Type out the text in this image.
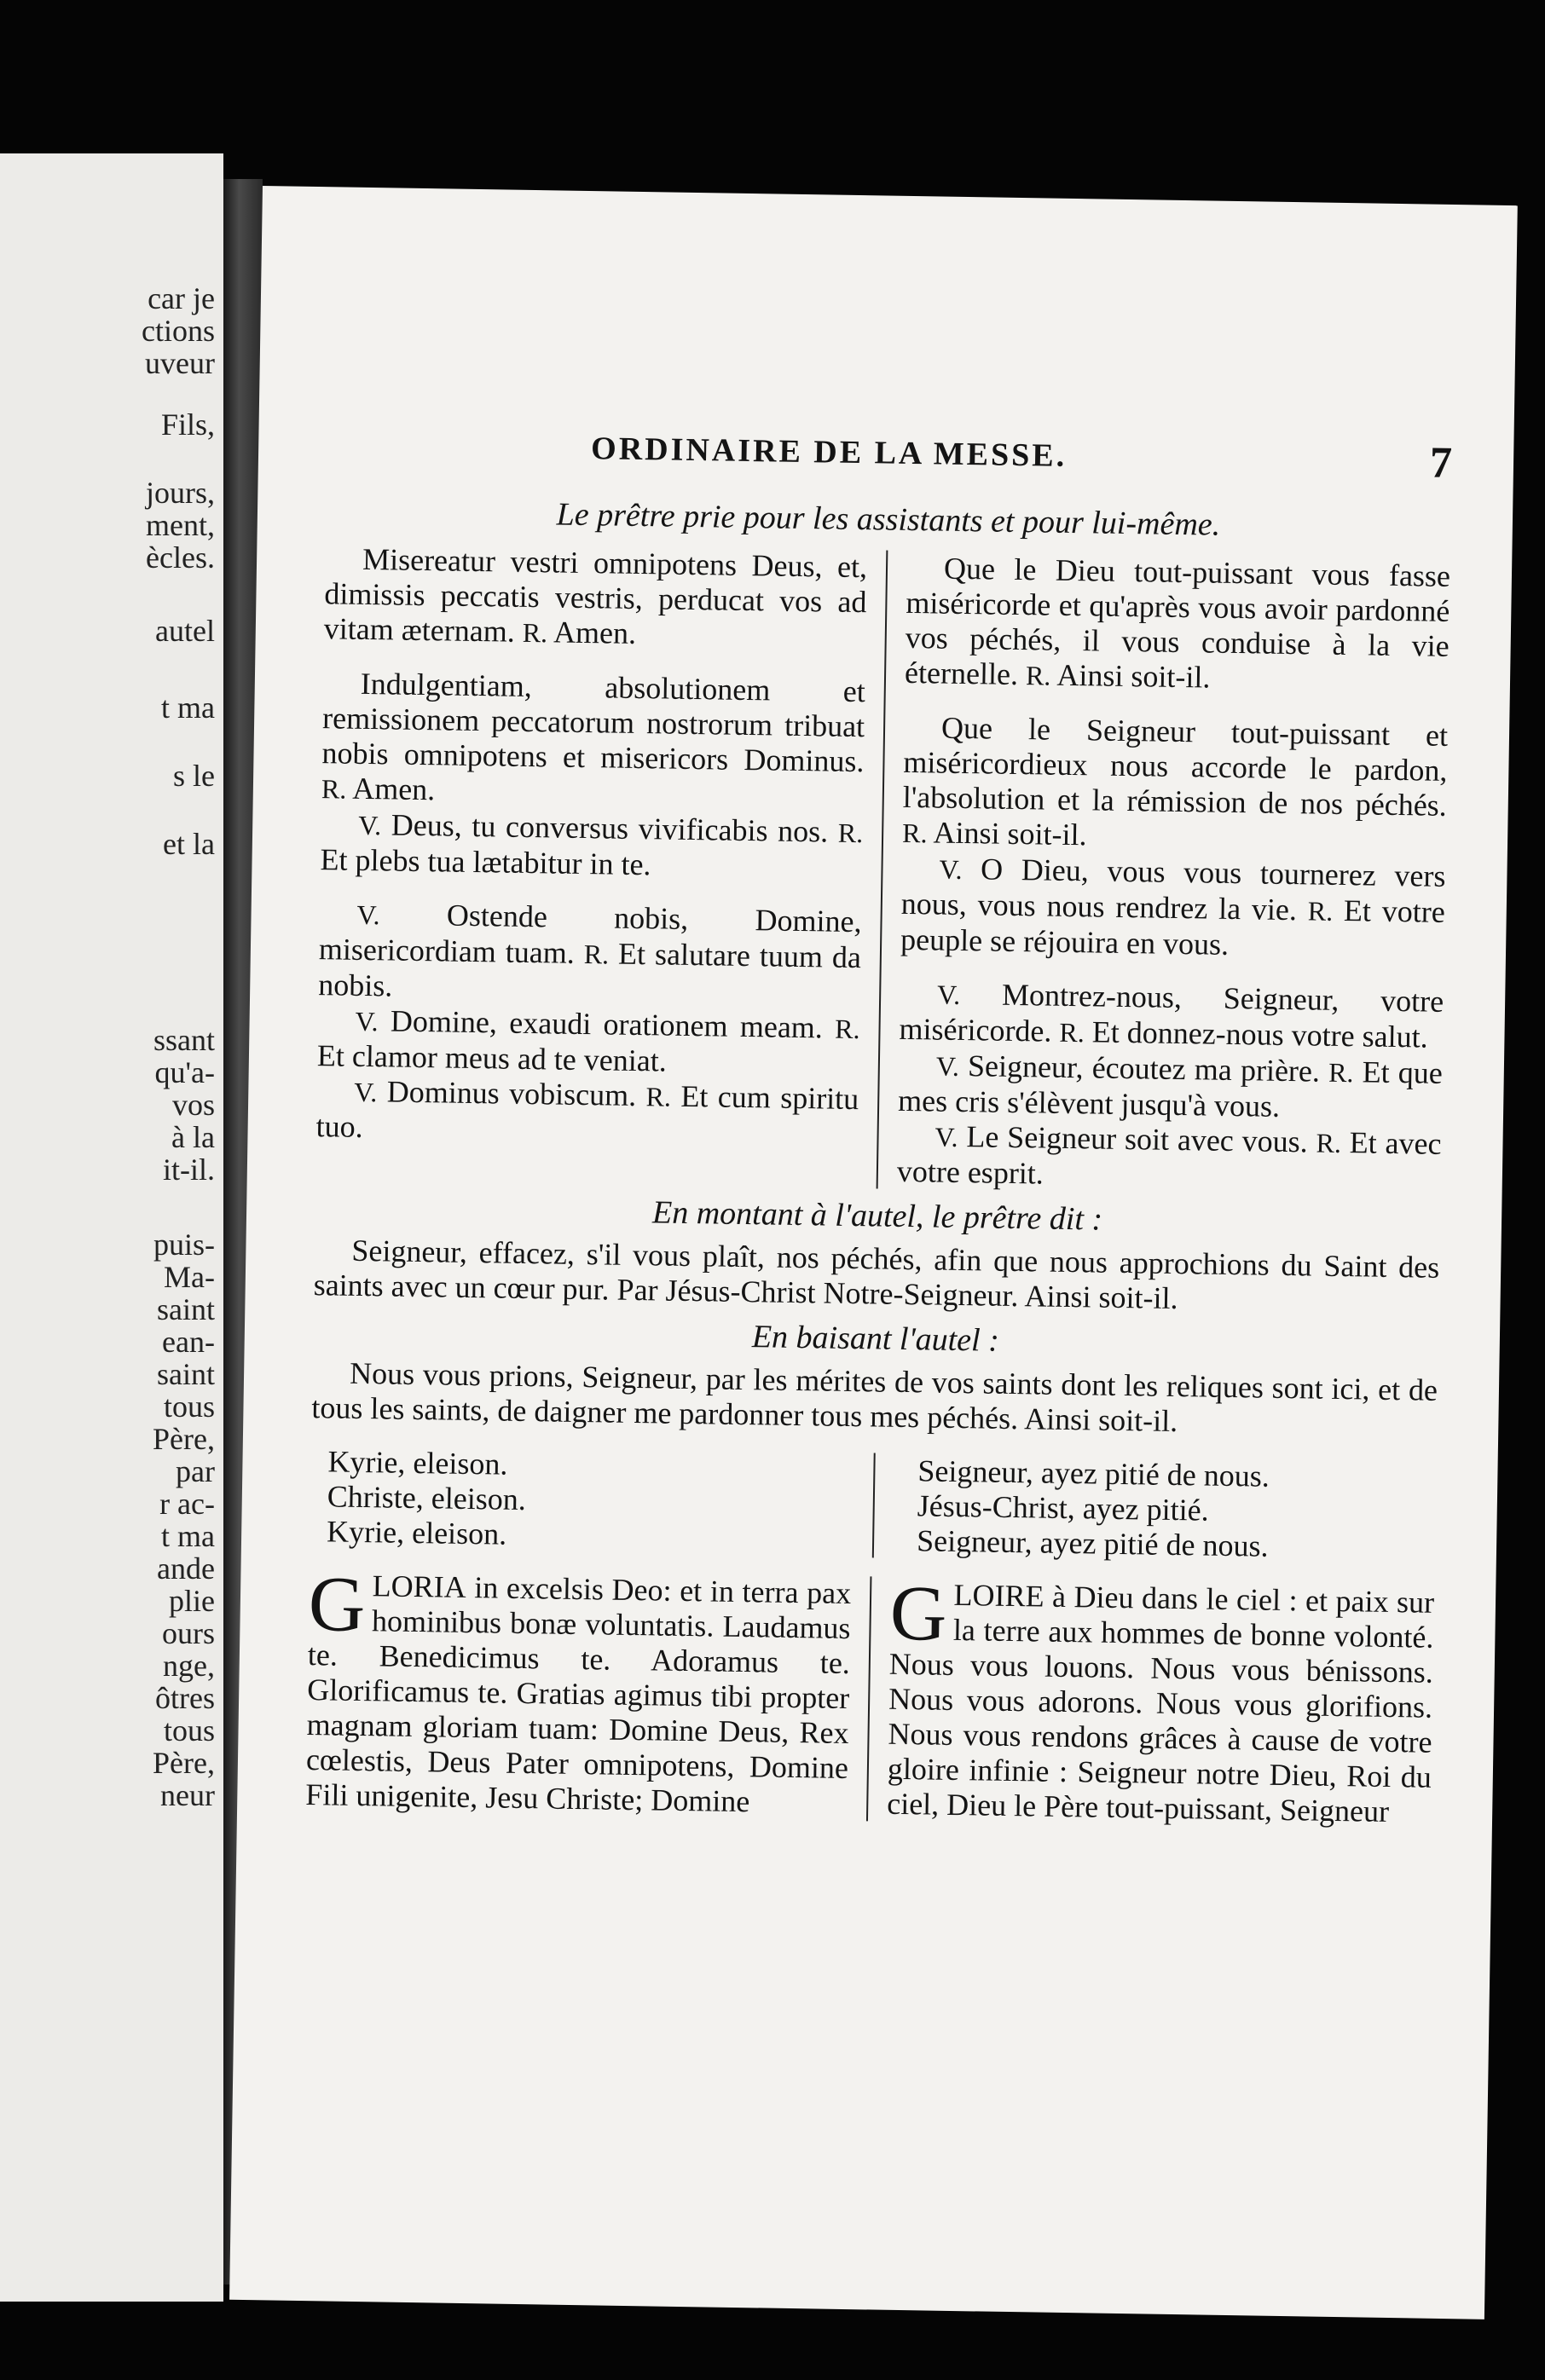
car je
ctions
uveur
Fils,
jours,
ment,
ècles.
autel
t ma
s le
et la
ssant
qu'a-
vos
à la
it-il.
puis-
Ma-
saint
ean-
saint
tous
Père,
par
r ac-
t ma
ande
plie
ours
nge,
ôtres
tous
Père,
neur
ORDINAIRE DE LA MESSE.	7
Le prêtre prie pour les assistants et pour lui-même.

Misereatur vestri omnipotens Deus, et, dimissis peccatis vestris, perducat vos ad vitam æternam. R. Amen.

Indulgentiam, absolutionem et remissionem peccatorum nostrorum tribuat nobis omnipotens et misericors Dominus. R. Amen.

V. Deus, tu conversus vivificabis nos. R. Et plebs tua lætabitur in te.

V. Ostende nobis, Domine, misericordiam tuam. R. Et salutare tuum da nobis.

V. Domine, exaudi orationem meam. R. Et clamor meus ad te veniat.

V. Dominus vobiscum. R. Et cum spiritu tuo.

Que le Dieu tout-puissant vous fasse miséricorde et qu'après vous avoir pardonné vos péchés, il vous conduise à la vie éternelle. R. Ainsi soit-il.

Que le Seigneur tout-puissant et miséricordieux nous accorde le pardon, l'absolution et la rémission de nos péchés. R. Ainsi soit-il.

V. O Dieu, vous vous tournerez vers nous, vous nous rendrez la vie. R. Et votre peuple se réjouira en vous.

V. Montrez-nous, Seigneur, votre miséricorde. R. Et donnez-nous votre salut.

V. Seigneur, écoutez ma prière. R. Et que mes cris s'élèvent jusqu'à vous.

V. Le Seigneur soit avec vous. R. Et avec votre esprit.

En montant à l'autel, le prêtre dit :

Seigneur, effacez, s'il vous plaît, nos péchés, afin que nous approchions du Saint des saints avec un cœur pur. Par Jésus-Christ Notre-Seigneur. Ainsi soit-il.

En baisant l'autel :

Nous vous prions, Seigneur, par les mérites de vos saints dont les reliques sont ici, et de tous les saints, de daigner me pardonner tous mes péchés. Ainsi soit-il.

Kyrie, eleison.
Christe, eleison.
Kyrie, eleison.
Seigneur, ayez pitié de nous.
Jésus-Christ, ayez pitié.
Seigneur, ayez pitié de nous.

GLORIA in excelsis Deo: et in terra pax hominibus bonæ voluntatis. Laudamus te. Benedicimus te. Adoramus te. Glorificamus te. Gratias agimus tibi propter magnam gloriam tuam: Domine Deus, Rex cœlestis, Deus Pater omnipotens, Domine Fili unigenite, Jesu Christe; Domine

GLOIRE à Dieu dans le ciel : et paix sur la terre aux hommes de bonne volonté. Nous vous louons. Nous vous bénissons. Nous vous adorons. Nous vous glorifions. Nous vous rendons grâces à cause de votre gloire infinie : Seigneur notre Dieu, Roi du ciel, Dieu le Père tout-puissant, Seigneur
